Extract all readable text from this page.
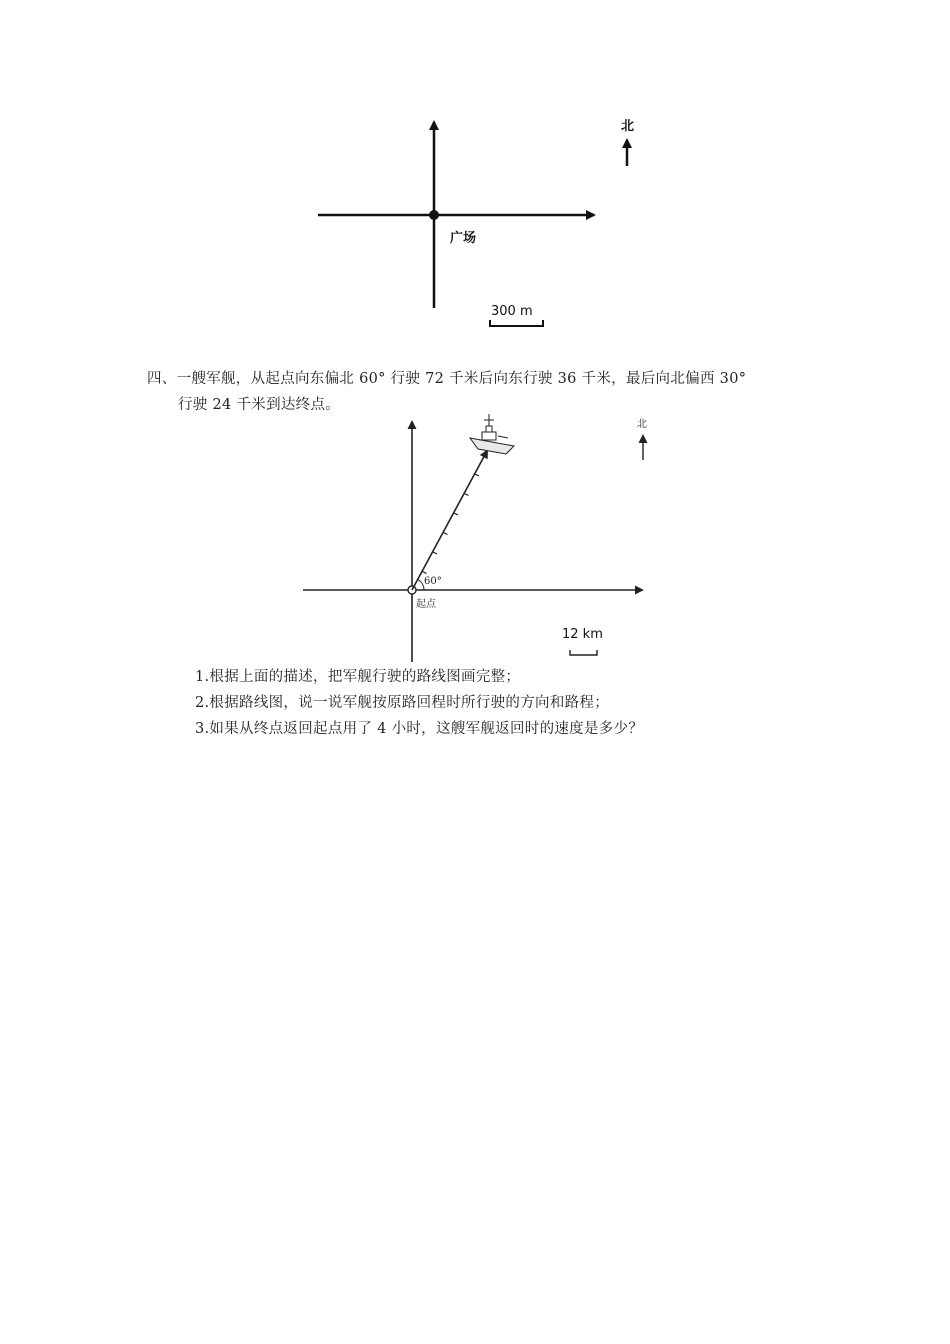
广场
北
300 m
四、一艘军舰，从起点向东偏北 60° 行驶 72 千米后向东行驶 36 千米，最后向北偏西 30°
行驶 24 千米到达终点。
60°
起点
北
12 km
1.根据上面的描述，把军舰行驶的路线图画完整；
2.根据路线图，说一说军舰按原路回程时所行驶的方向和路程；
3.如果从终点返回起点用了 4 小时，这艘军舰返回时的速度是多少？
